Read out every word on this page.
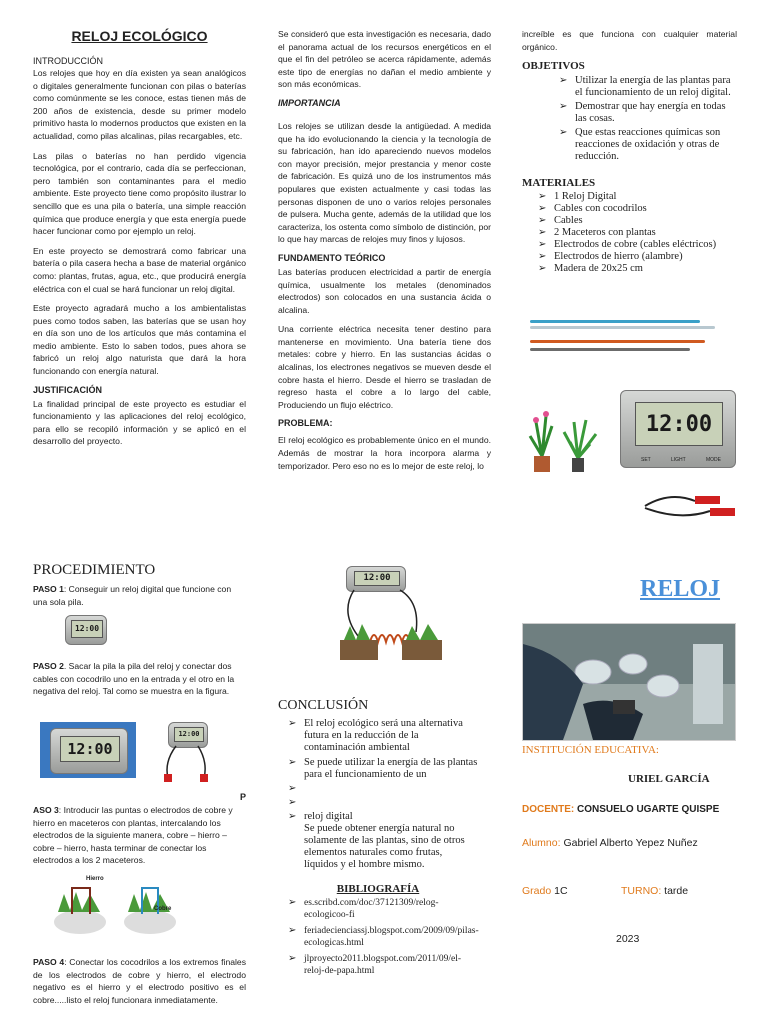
RELOJ ECOLÓGICO
INTRODUCCIÓN

Los relojes que hoy en día existen ya sean analógicos o digitales generalmente funcionan con pilas o baterías como comúnmente se les conoce, estas tienen más de 200 años de existencia, desde su primer modelo primitivo hasta lo modernos productos que existen en la actualidad, como pilas alcalinas, pilas recargables, etc.

Las pilas o baterías no han perdido vigencia tecnológica, por el contrario, cada día se perfeccionan, pero también son contaminantes para el medio ambiente. Este proyecto tiene como propósito ilustrar lo sencillo que es una pila o batería, una simple reacción química que produce energía y que esta energía puede hacer funcionar como por ejemplo un reloj.

En este proyecto se demostrará como fabricar una batería o pila casera hecha a base de material orgánico como: plantas, frutas, agua, etc., que producirá energía eléctrica con el cual se hará funcionar un reloj digital.

Este proyecto agradará mucho a los ambientalistas pues como todos saben, las baterías que se usan hoy en día son uno de los artículos que más contamina el medio ambiente. Esto lo saben todos, pues ahora se fabricó un reloj algo naturista que dará la hora funcionando con energía natural.

JUSTIFICACIÓN

La finalidad principal de este proyecto es estudiar el funcionamiento y las aplicaciones del reloj ecológico, para ello se recopiló información y se aplicó en el desarrollo del proyecto.

Se consideró que esta investigación es necesaria, dado el panorama actual de los recursos energéticos en el que el fin del petróleo se acerca rápidamente, además este tipo de energías no dañan el medio ambiente y son más económicas.

IMPORTANCIA

Los relojes se utilizan desde la antigüedad. A medida que ha ido evolucionando la ciencia y la tecnología de su fabricación, han ido apareciendo nuevos modelos con mayor precisión, mejor prestancia y menor coste de fabricación. Es quizá uno de los instrumentos más populares que existen actualmente y casi todas las personas disponen de uno o varios relojes personales de pulsera. Mucha gente, además de la utilidad que los caracteriza, los ostenta como símbolo de distinción, por lo que hay marcas de relojes muy finos y lujosos.

FUNDAMENTO TEÓRICO

Las baterías producen electricidad a partir de energía química, usualmente los metales (denominados electrodos) son colocados en una sustancia ácida o alcalina.

Una corriente eléctrica necesita tener destino para mantenerse en movimiento. Una batería tiene dos metales: cobre y hierro. En las sustancias ácidas o alcalinas, los electrones negativos se mueven desde el cobre hasta el hierro. Desde el hierro se trasladan de regreso hasta el cobre a lo largo del cable, Produciendo un flujo eléctrico.

PROBLEMA:

El reloj ecológico es probablemente único en el mundo. Además de mostrar la hora incorpora alarma y temporizador. Pero eso no es lo mejor de este reloj, lo

increíble es que funciona con cualquier material orgánico.

OBJETIVOS
➢ Utilizar la energía de las plantas para el funcionamiento de un reloj digital.
➢ Demostrar que hay energía en todas las cosas.
➢ Que estas reacciones químicas son reacciones de oxidación y otras de reducción.
MATERIALES
➢ 1 Reloj Digital
➢ Cables con cocodrilos
➢ Cables
➢ 2 Maceteros con plantas
➢ Electrodos de cobre (cables eléctricos)
➢ Electrodos de hierro (alambre)
➢ Madera de 20x25 cm
12:00
SET	LIGHT	MODE
PROCEDIMIENTO

PASO 1: Conseguir un reloj digital que funcione con una sola pila.

12:00

PASO 2. Sacar la pila la pila del reloj y conectar dos cables con cocodrilo uno en la entrada y el otro en la negativa del reloj. Tal como se muestra en la figura.

12:00
12:00
P

ASO 3: Introducir las puntas o electrodos de cobre y hierro en maceteros con plantas, intercalando los electrodos de la siguiente manera, cobre – hierro – cobre – hierro, hasta terminar de conectar los electrodos a los 2 maceteros.

Hierro
Cobre

PASO 4: Conectar los cocodrilos a los extremos finales de los electrodos de cobre y hierro, el electrodo negativo es el hierro y el electrodo positivo es el cobre.....listo el reloj funcionara inmediatamente.

12:00
CONCLUSIÓN
➢ El reloj ecológico será una alternativa futura en la reducción de la contaminación ambiental
➢ Se puede utilizar la energía de las plantas para el funcionamiento de un
➢
➢
➢ reloj digital
Se puede obtener energía natural no solamente de las plantas, sino de otros elementos naturales como frutas, líquidos y el hombre mismo.
BIBLIOGRAFÍA
➢ es.scribd.com/doc/37121309/relog-ecologicoo-fi
➢ feriadecienciassj.blogspot.com/2009/09/pilas-ecologicas.html
➢ jlproyecto2011.blogspot.com/2011/09/el-reloj-de-papa.html
RELOJ
INSTITUCIÓN EDUCATIVA:
URIEL GARCÍA
DOCENTE: CONSUELO UGARTE QUISPE
Alumno: Gabriel Alberto Yepez Nuñez
Grado 1C	TURNO: tarde
2023
